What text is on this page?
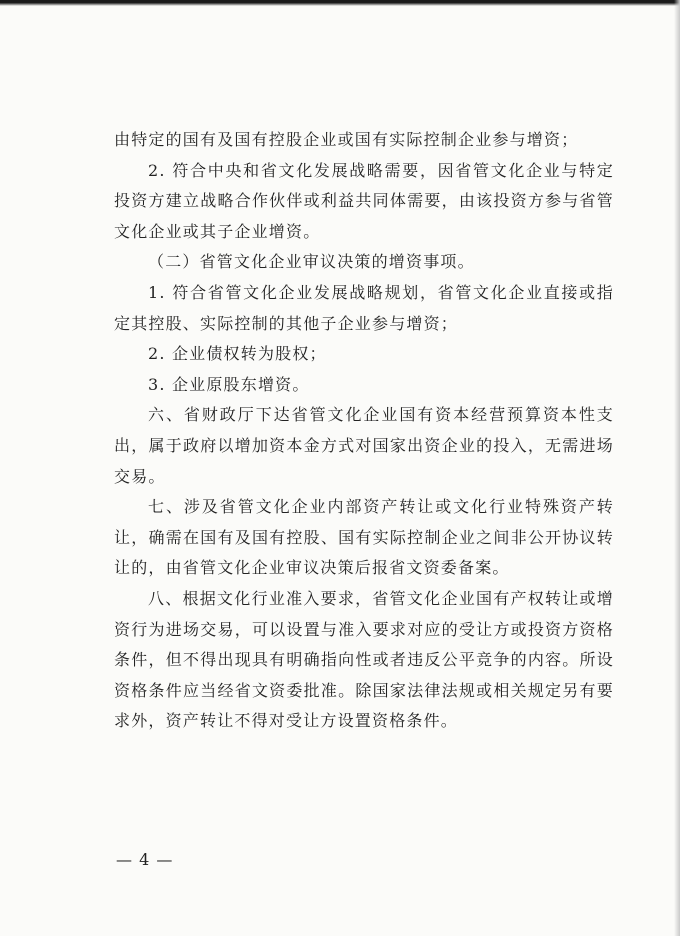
由特定的国有及国有控股企业或国有实际控制企业参与增资；

2. 符合中央和省文化发展战略需要，因省管文化企业与特定投资方建立战略合作伙伴或利益共同体需要，由该投资方参与省管文化企业或其子企业增资。

（二）省管文化企业审议决策的增资事项。

1. 符合省管文化企业发展战略规划，省管文化企业直接或指定其控股、实际控制的其他子企业参与增资；

2. 企业债权转为股权；

3. 企业原股东增资。

六、省财政厅下达省管文化企业国有资本经营预算资本性支出，属于政府以增加资本金方式对国家出资企业的投入，无需进场交易。

七、涉及省管文化企业内部资产转让或文化行业特殊资产转让，确需在国有及国有控股、国有实际控制企业之间非公开协议转让的，由省管文化企业审议决策后报省文资委备案。

八、根据文化行业准入要求，省管文化企业国有产权转让或增资行为进场交易，可以设置与准入要求对应的受让方或投资方资格条件，但不得出现具有明确指向性或者违反公平竞争的内容。所设资格条件应当经省文资委批准。除国家法律法规或相关规定另有要求外，资产转让不得对受让方设置资格条件。

— 4 —
